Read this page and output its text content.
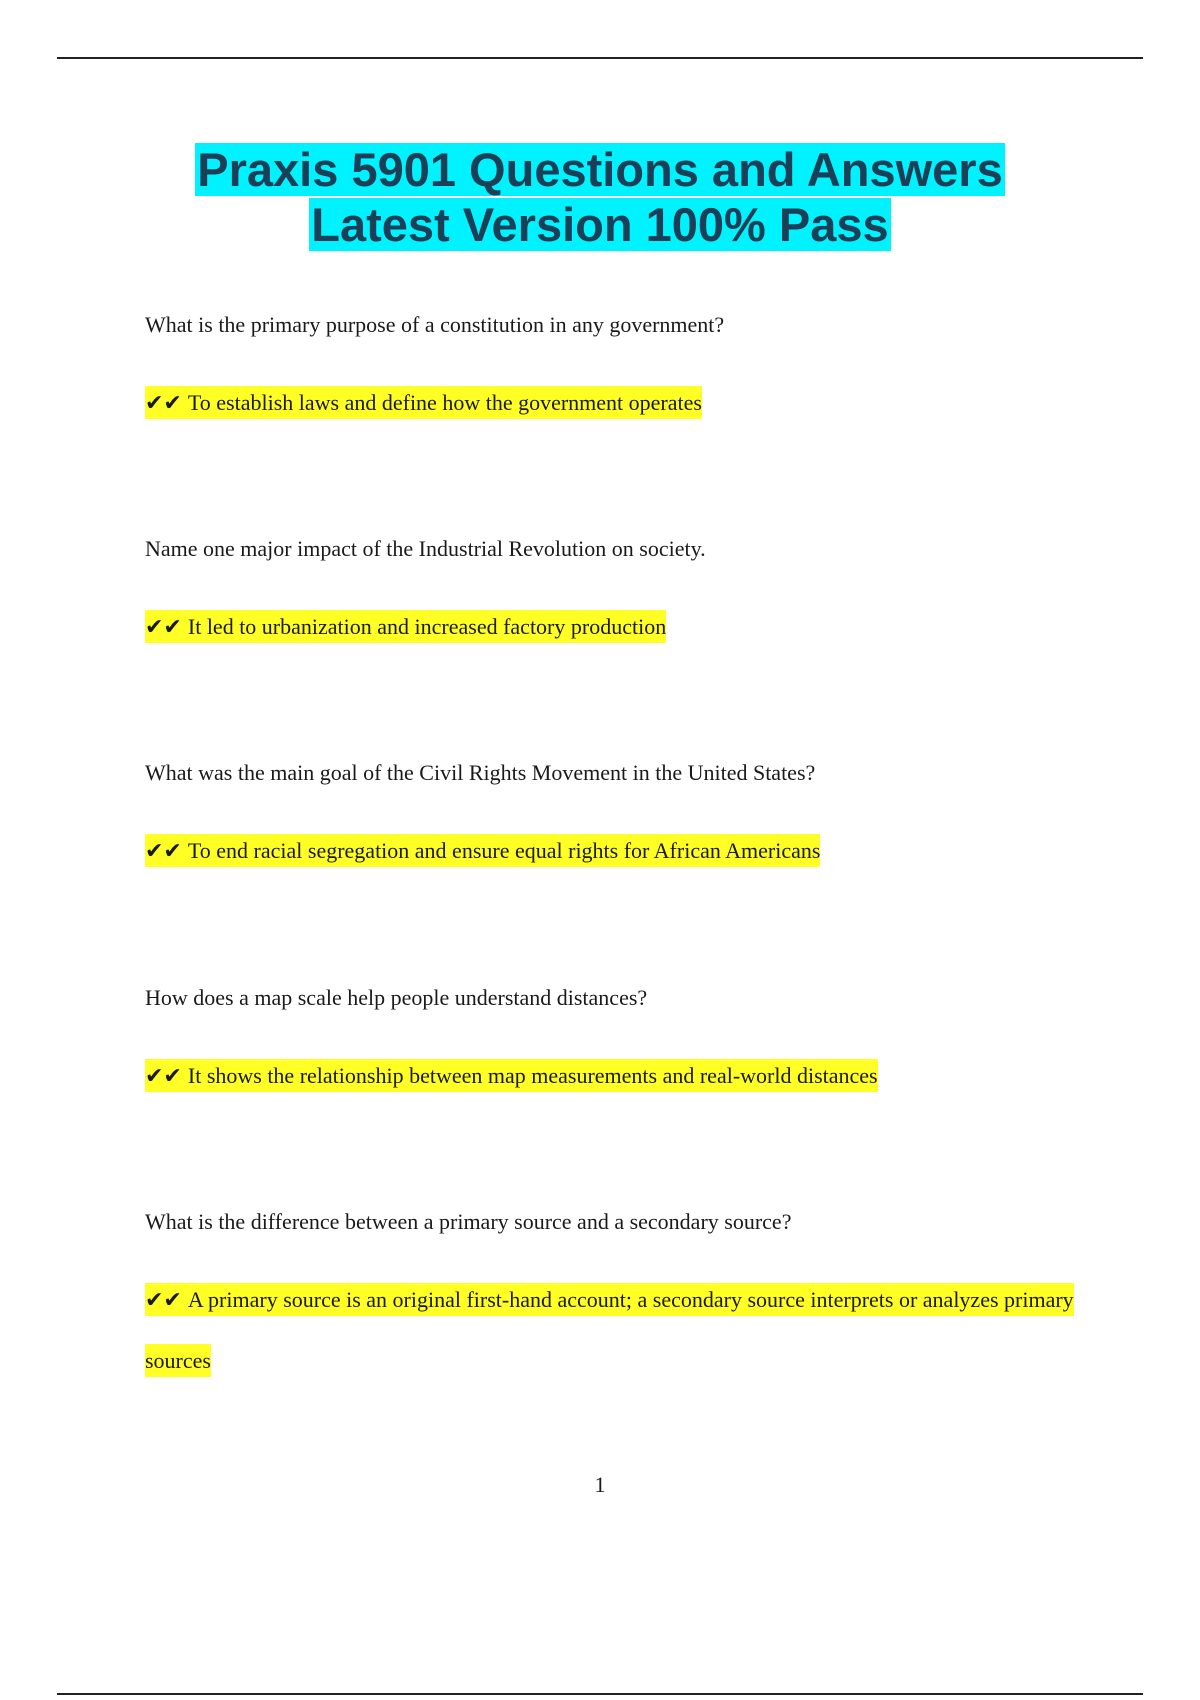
Praxis 5901 Questions and Answers
Latest Version 100% Pass

What is the primary purpose of a constitution in any government?

✔✔ To establish laws and define how the government operates

Name one major impact of the Industrial Revolution on society.

✔✔ It led to urbanization and increased factory production

What was the main goal of the Civil Rights Movement in the United States?

✔✔ To end racial segregation and ensure equal rights for African Americans

How does a map scale help people understand distances?

✔✔ It shows the relationship between map measurements and real-world distances

What is the difference between a primary source and a secondary source?

✔✔ A primary source is an original first-hand account; a secondary source interprets or analyzes primary sources

1
